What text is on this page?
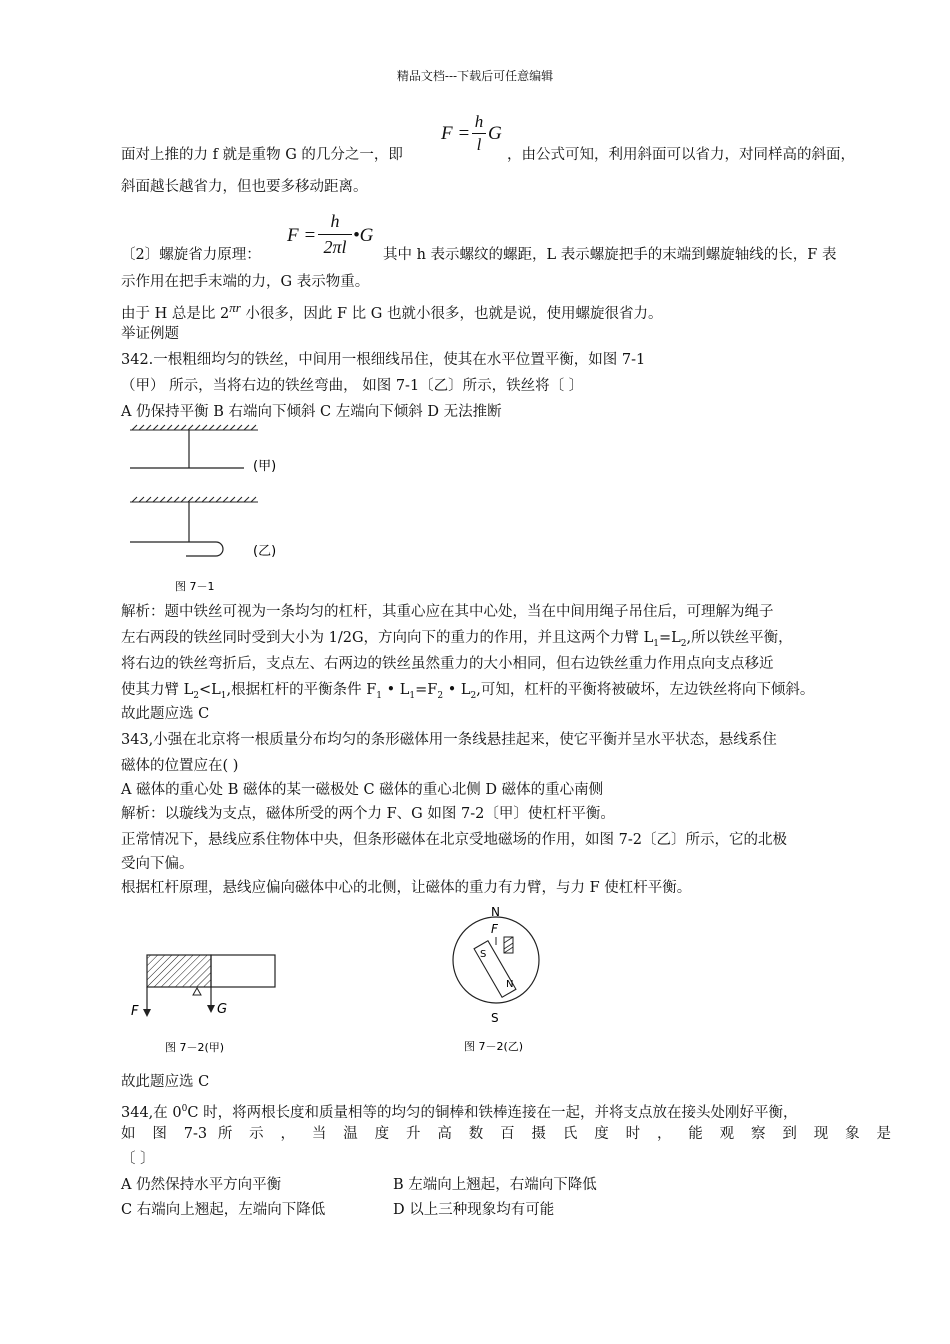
精品文档---下载后可任意编辑
F =
h
l
G
面对上推的力 f 就是重物 G 的几分之一，即	，由公式可知，利用斜面可以省力，对同样高的斜面，
斜面越长越省力，但也要多移动距离。
F =
h
2πl
•G
〔2〕螺旋省力原理：	其中 h 表示螺纹的螺距，L 表示螺旋把手的末端到螺旋轴线的长，F 表
示作用在把手末端的力，G 表示物重。
由于 H 总是比 2πr 小很多，因此 F 比 G 也就小很多，也就是说，使用螺旋很省力。
举证例题
342.一根粗细均匀的铁丝，中间用一根细线吊住，使其在水平位置平衡，如图 7-1
（甲） 所示，当将右边的铁丝弯曲， 如图 7-1〔乙〕所示，铁丝将〔 〕
A 仍保持平衡 B 右端向下倾斜 C 左端向下倾斜 D 无法推断
(甲)
(乙)
图 7－1
解析：题中铁丝可视为一条均匀的杠杆，其重心应在其中心处，当在中间用绳子吊住后，可理解为绳子
左右两段的铁丝同时受到大小为 1/2G，方向向下的重力的作用，并且这两个力臂 $L_1=L_2$,所以铁丝平衡，
将右边的铁丝弯折后，支点左、右两边的铁丝虽然重力的大小相同，但右边铁丝重力作用点向支点移近
使其力臂 $L_2<L_1$,根据杠杆的平衡条件 $F_1$ • $L_1=F_2$ • $L_2$,可知，杠杆的平衡将被破坏，左边铁丝将向下倾斜。
故此题应选 C
343,小强在北京将一根质量分布均匀的条形磁体用一条线悬挂起来，使它平衡并呈水平状态，悬线系住
磁体的位置应在( )
A 磁体的重心处 B 磁体的某一磁极处 C 磁体的重心北侧 D 磁体的重心南侧
解析：以璇线为支点，磁体所受的两个力 F、G 如图 7-2〔甲〕使杠杆平衡。
正常情况下，悬线应系住物体中央，但条形磁体在北京受地磁场的作用，如图 7-2〔乙〕所示，它的北极
受向下偏。
根据杠杆原理，悬线应偏向磁体中心的北侧，让磁体的重力有力臂，与力 F 使杠杆平衡。
F	G
图 7－2(甲)
N
F
S
N
S
图 7－2(乙)
故此题应选 C
344,在 $0^0C$ 时，将两根长度和质量相等的均匀的铜棒和铁棒连接在一起，并将支点放在接头处刚好平衡，
如 图 7-3 所 示 ， 当 温 度 升 高 数 百 摄 氏 度 时 ， 能 观 察 到 现 象 是
〔 〕
A 仍然保持水平方向平衡	B 左端向上翘起，右端向下降低
C 右端向上翘起，左端向下降低	D 以上三种现象均有可能
